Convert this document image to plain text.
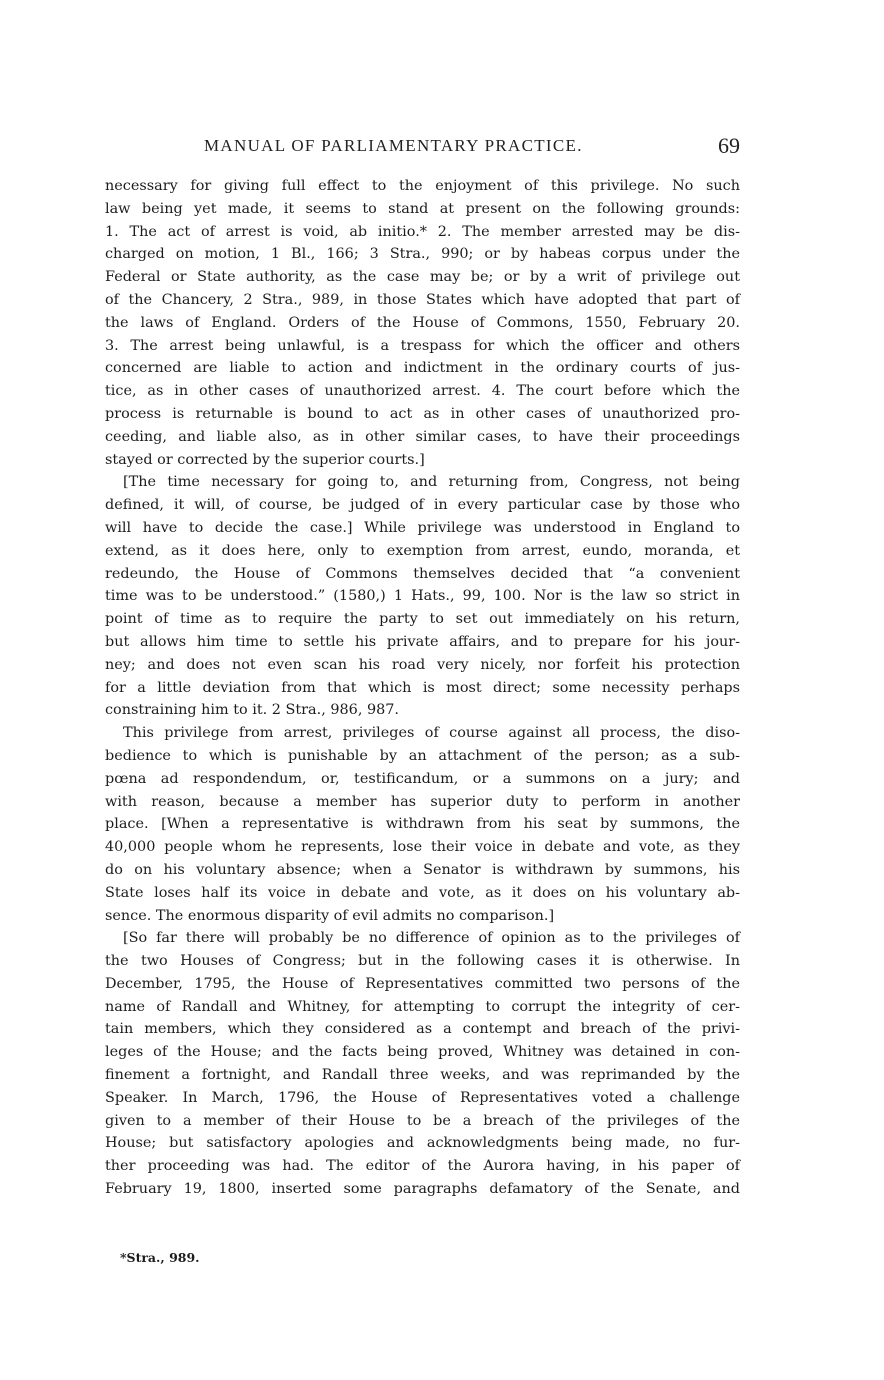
MANUAL OF PARLIAMENTARY PRACTICE.	69
necessary for giving full effect to the enjoyment of this privilege. No such
law being yet made, it seems to stand at present on the following grounds:
1. The act of arrest is void, ab initio.* 2. The member arrested may be dis-
charged on motion, 1 Bl., 166; 3 Stra., 990; or by habeas corpus under the
Federal or State authority, as the case may be; or by a writ of privilege out
of the Chancery, 2 Stra., 989, in those States which have adopted that part of
the laws of England. Orders of the House of Commons, 1550, February 20.
3. The arrest being unlawful, is a trespass for which the officer and others
concerned are liable to action and indictment in the ordinary courts of jus-
tice, as in other cases of unauthorized arrest. 4. The court before which the
process is returnable is bound to act as in other cases of unauthorized pro-
ceeding, and liable also, as in other similar cases, to have their proceedings
stayed or corrected by the superior courts.]
[The time necessary for going to, and returning from, Congress, not being
defined, it will, of course, be judged of in every particular case by those who
will have to decide the case.] While privilege was understood in England to
extend, as it does here, only to exemption from arrest, eundo, moranda, et
redeundo, the House of Commons themselves decided that “a convenient
time was to be understood.” (1580,) 1 Hats., 99, 100. Nor is the law so strict in
point of time as to require the party to set out immediately on his return,
but allows him time to settle his private affairs, and to prepare for his jour-
ney; and does not even scan his road very nicely, nor forfeit his protection
for a little deviation from that which is most direct; some necessity perhaps
constraining him to it. 2 Stra., 986, 987.
This privilege from arrest, privileges of course against all process, the diso-
bedience to which is punishable by an attachment of the person; as a sub-
pœna ad respondendum, or, testificandum, or a summons on a jury; and
with reason, because a member has superior duty to perform in another
place. [When a representative is withdrawn from his seat by summons, the
40,000 people whom he represents, lose their voice in debate and vote, as they
do on his voluntary absence; when a Senator is withdrawn by summons, his
State loses half its voice in debate and vote, as it does on his voluntary ab-
sence. The enormous disparity of evil admits no comparison.]
[So far there will probably be no difference of opinion as to the privileges of
the two Houses of Congress; but in the following cases it is otherwise. In
December, 1795, the House of Representatives committed two persons of the
name of Randall and Whitney, for attempting to corrupt the integrity of cer-
tain members, which they considered as a contempt and breach of the privi-
leges of the House; and the facts being proved, Whitney was detained in con-
finement a fortnight, and Randall three weeks, and was reprimanded by the
Speaker. In March, 1796, the House of Representatives voted a challenge
given to a member of their House to be a breach of the privileges of the
House; but satisfactory apologies and acknowledgments being made, no fur-
ther proceeding was had. The editor of the Aurora having, in his paper of
February 19, 1800, inserted some paragraphs defamatory of the Senate, and
*Stra., 989.
